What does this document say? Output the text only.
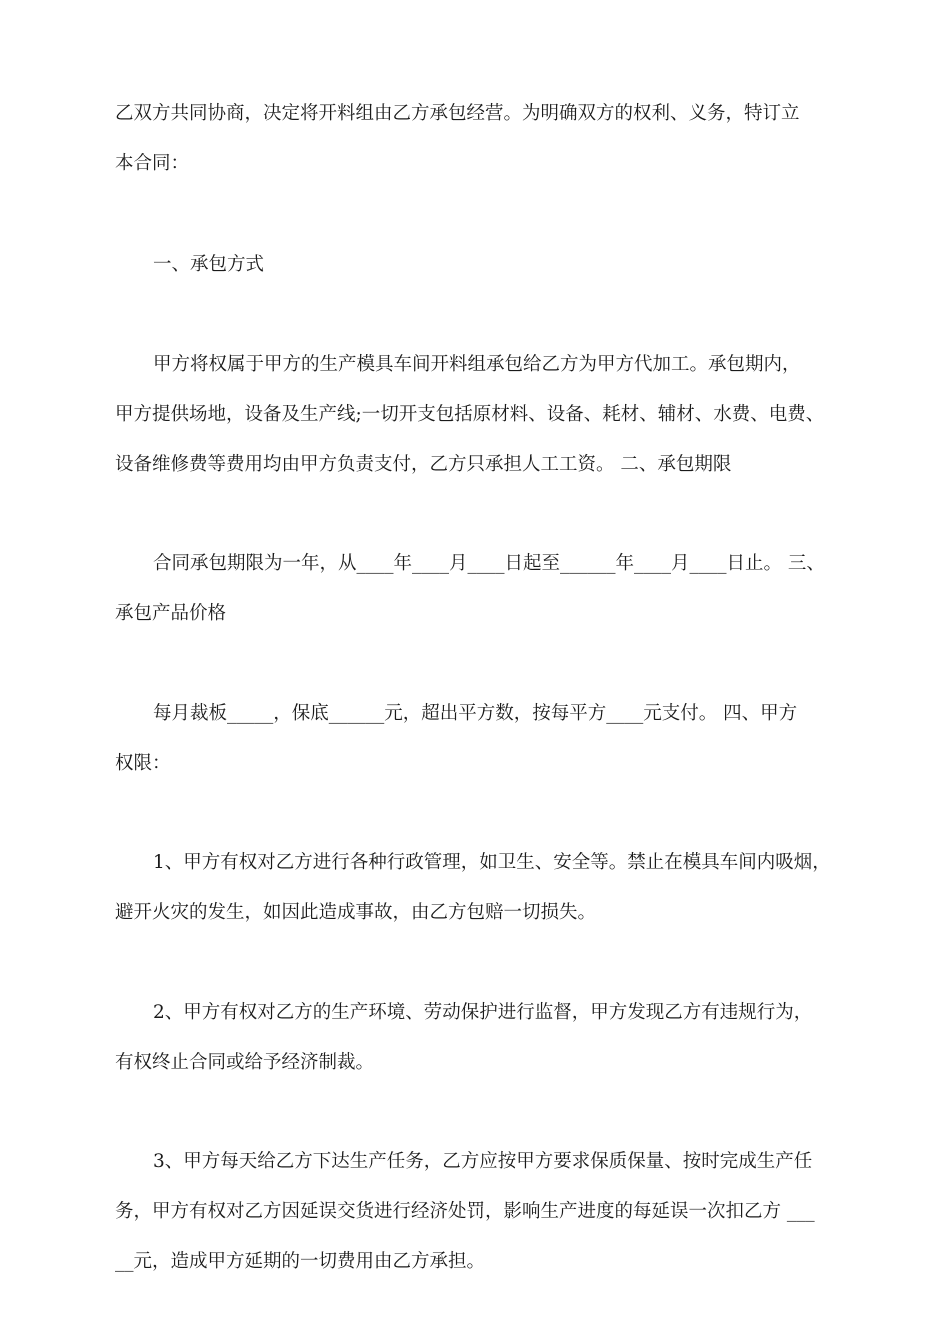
乙双方共同协商，决定将开料组由乙方承包经营。为明确双方的权利、义务，特订立
本合同：
一、承包方式
甲方将权属于甲方的生产模具车间开料组承包给乙方为甲方代加工。承包期内，
甲方提供场地，设备及生产线;一切开支包括原材料、设备、耗材、辅材、水费、电费、
设备维修费等费用均由甲方负责支付，乙方只承担人工工资。 二、承包期限
合同承包期限为一年，从____年____月____日起至______年____月____日止。 三、
承包产品价格
每月裁板_____，保底______元，超出平方数，按每平方____元支付。 四、甲方
权限：
1、甲方有权对乙方进行各种行政管理，如卫生、安全等。禁止在模具车间内吸烟，
避开火灾的发生，如因此造成事故，由乙方包赔一切损失。
2、甲方有权对乙方的生产环境、劳动保护进行监督，甲方发现乙方有违规行为，
有权终止合同或给予经济制裁。
3、甲方每天给乙方下达生产任务，乙方应按甲方要求保质保量、按时完成生产任
务，甲方有权对乙方因延误交货进行经济处罚，影响生产进度的每延误一次扣乙方 ___
__元，造成甲方延期的一切费用由乙方承担。
